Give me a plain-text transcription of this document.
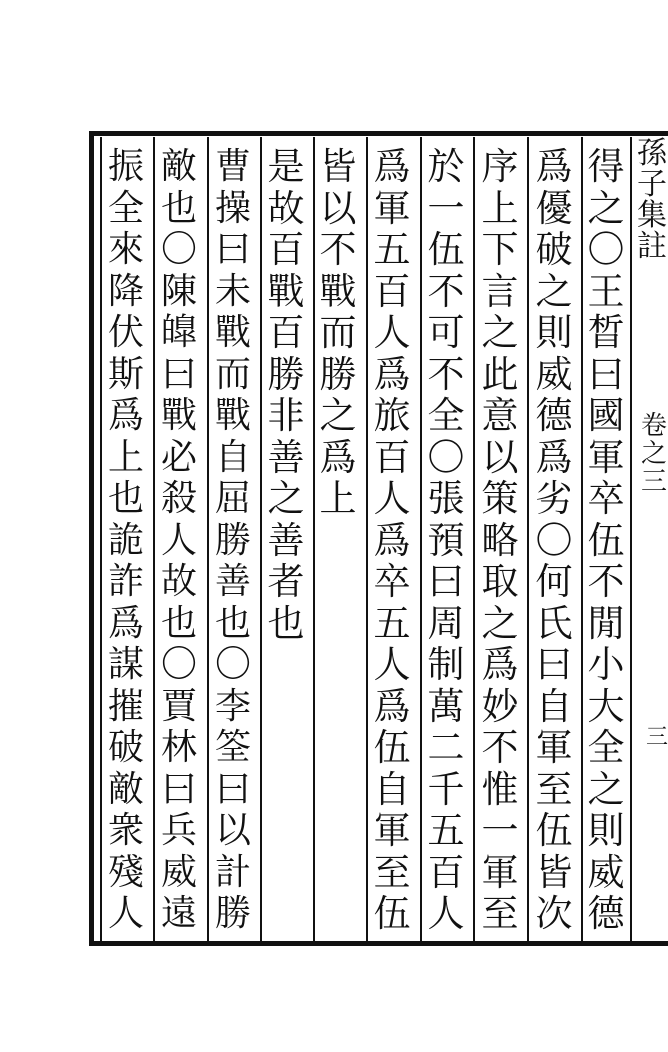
孫子集註
卷之三
三
得之〇王晳曰國軍卒伍不閒小大全之則威德
爲優破之則威德爲劣〇何氏曰自軍至伍皆次
序上下言之此意以策略取之爲妙不惟一軍至
於一伍不可不全〇張預曰周制萬二千五百人
爲軍五百人爲旅百人爲卒五人爲伍自軍至伍
皆以不戰而勝之爲上
是故百戰百勝非善之善者也
曹操曰未戰而戰自屈勝善也〇李筌曰以計勝
敵也〇陳皥曰戰必殺人故也〇賈林曰兵威遠
振全來降伏斯爲上也詭詐爲謀摧破敵衆殘人
